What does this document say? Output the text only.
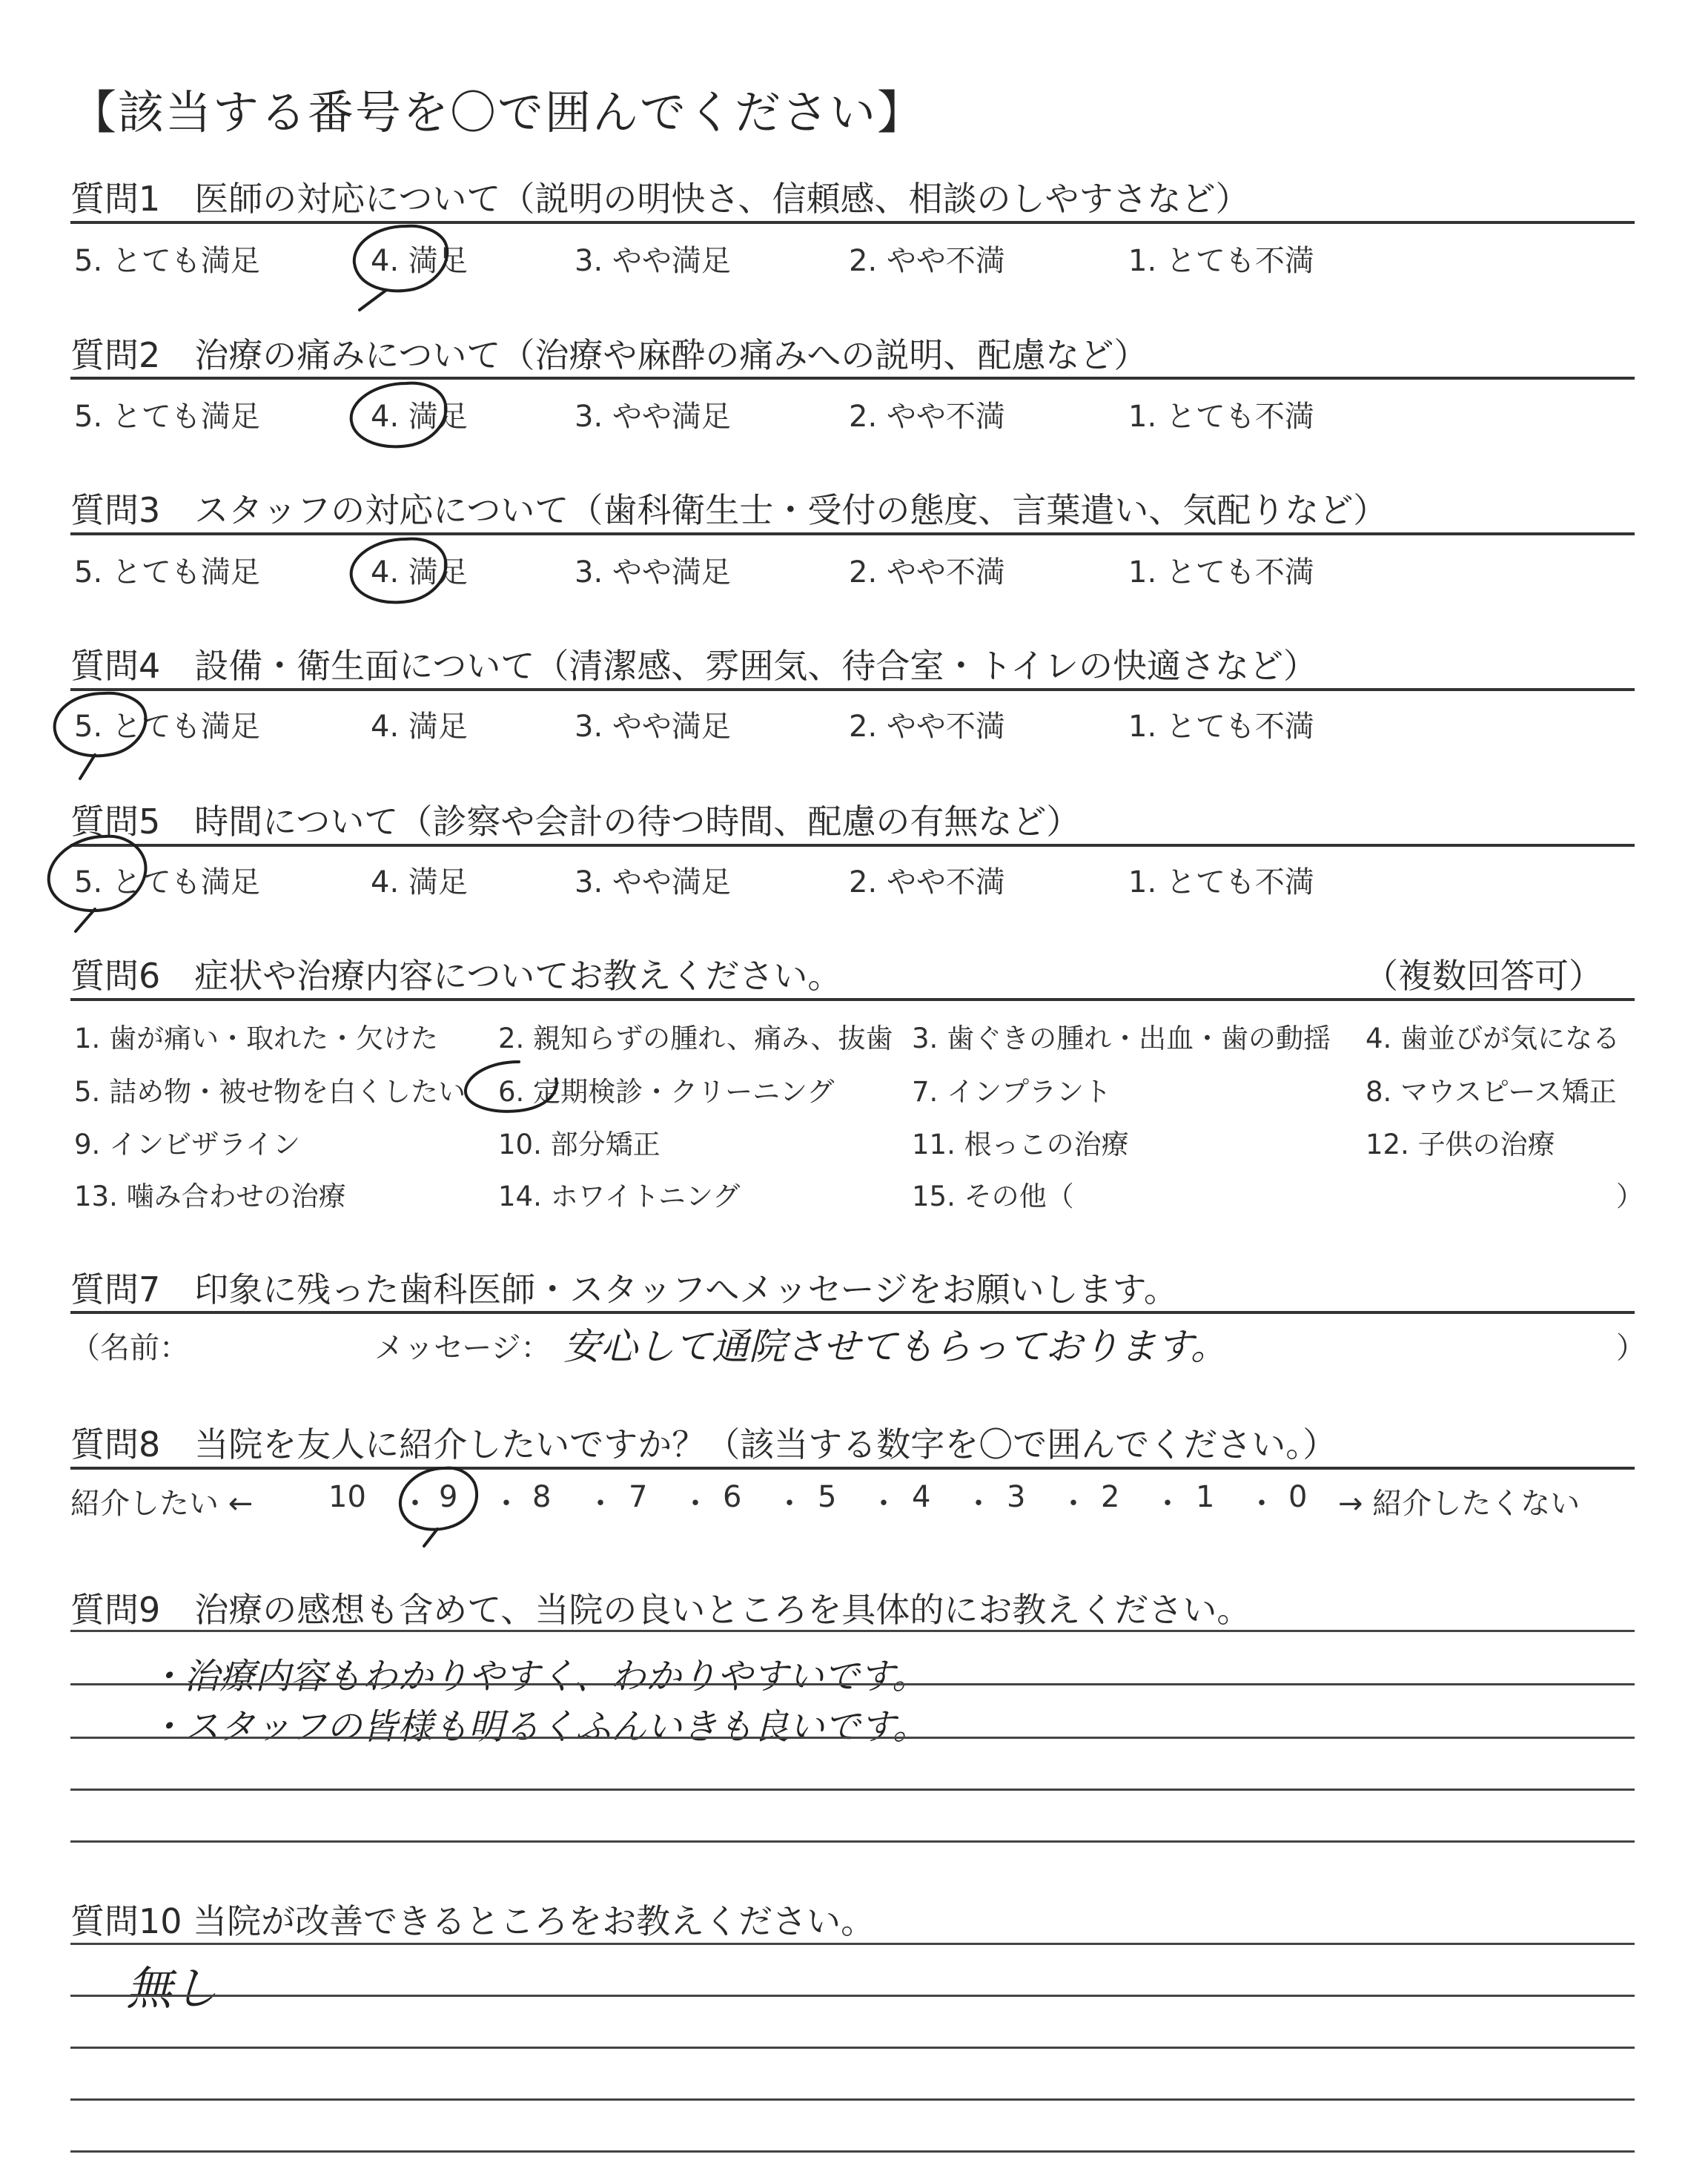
【該当する番号を〇で囲んでください】
質問1　医師の対応について（説明の明快さ、信頼感、相談のしやすさなど）
5. とても満足	4. 満足	3. やや満足	2. やや不満	1. とても不満
質問2　治療の痛みについて（治療や麻酔の痛みへの説明、配慮など）
5. とても満足	4. 満足	3. やや満足	2. やや不満	1. とても不満
質問3　スタッフの対応について（歯科衛生士・受付の態度、言葉遣い、気配りなど）
5. とても満足	4. 満足	3. やや満足	2. やや不満	1. とても不満
質問4　設備・衛生面について（清潔感、雰囲気、待合室・トイレの快適さなど）
5. とても満足	4. 満足	3. やや満足	2. やや不満	1. とても不満
質問5　時間について（診察や会計の待つ時間、配慮の有無など）
5. とても満足	4. 満足	3. やや満足	2. やや不満	1. とても不満
質問6　症状や治療内容についてお教えください。	（複数回答可）
1. 歯が痛い・取れた・欠けた 2. 親知らずの腫れ、痛み、抜歯 3. 歯ぐきの腫れ・出血・歯の動揺 4. 歯並びが気になる
5. 詰め物・被せ物を白くしたい 6. 定期検診・クリーニング	7. インプラント	8. マウスピース矯正
9. インビザライン	10. 部分矯正	11. 根っこの治療	12. 子供の治療
13. 噛み合わせの治療	14. ホワイトニング	15. その他（	）
質問7　印象に残った歯科医師・スタッフへメッセージをお願いします。
（名前：	メッセージ： 安心して通院させてもらっております。	）
質問8　当院を友人に紹介したいですか？（該当する数字を〇で囲んでください。）
紹介したい ←	→ 紹介したくない
10 ・ 9 ・ 8 ・ 7 ・ 6 ・ 5 ・ 4 ・ 3 ・ 2 ・ 1 ・ 0
質問9　治療の感想も含めて、当院の良いところを具体的にお教えください。
・治療内容もわかりやすく、わかりやすいです。
・スタッフの皆様も明るくふんいきも良いです。
質問10 当院が改善できるところをお教えください。
無し
